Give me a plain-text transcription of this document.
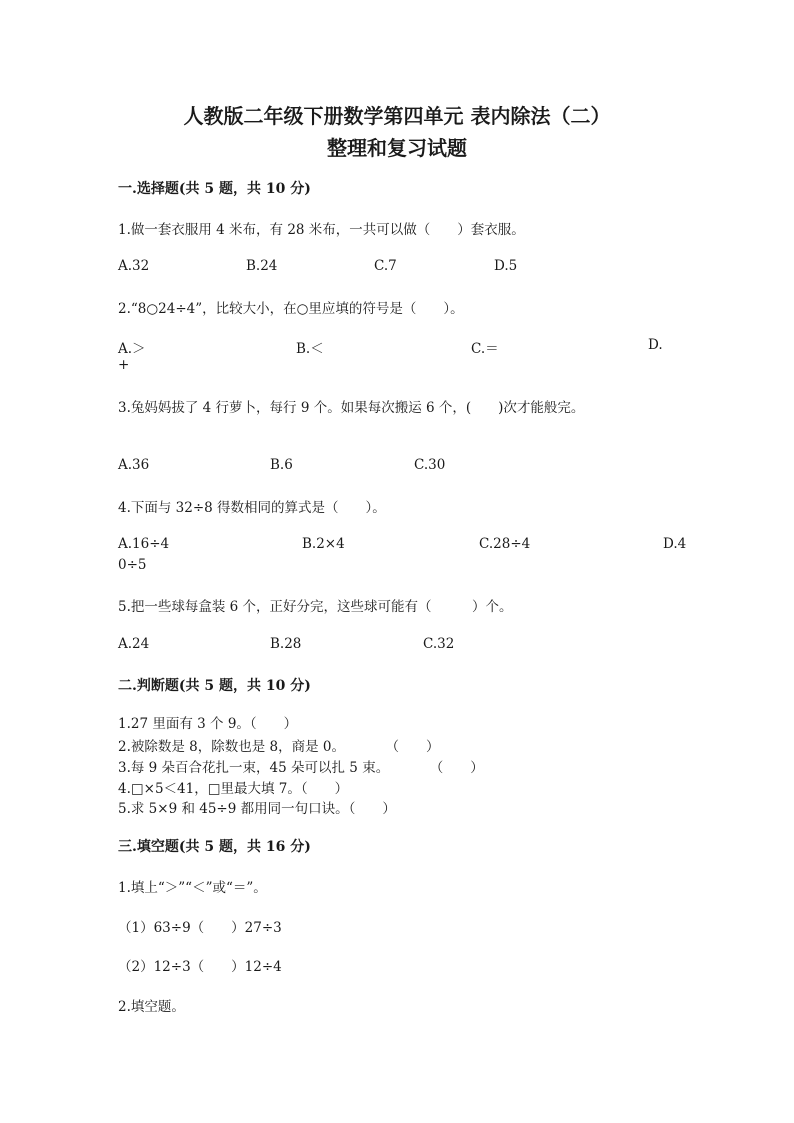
人教版二年级下册数学第四单元 表内除法（二）
整理和复习试题
一.选择题(共 5 题，共 10 分)
1.做一套衣服用 4 米布，有 28 米布，一共可以做（　　）套衣服。
A.32	B.24	C.7	D.5
2.“8○24÷4”，比较大小，在○里应填的符号是（　　）。
A.＞	B.＜	C.＝	D.
+
3.兔妈妈拔了 4 行萝卜，每行 9 个。如果每次搬运 6 个，(　　)次才能般完。
A.36	B.6	C.30
4.下面与 32÷8 得数相同的算式是（　　）。
A.16÷4	B.2×4	C.28÷4	D.4
0÷5
5.把一些球每盒装 6 个，正好分完，这些球可能有（　　　）个。
A.24	B.28	C.32
二.判断题(共 5 题，共 10 分)
1.27 里面有 3 个 9。（　　）
2.被除数是 8，除数也是 8，商是 0。　　　　（　　）
3.每 9 朵百合花扎一束，45 朵可以扎 5 束。　　　　（　　）
4.□×5＜41，□里最大填 7。（　　）
5.求 5×9 和 45÷9 都用同一句口诀。（　　）
三.填空题(共 5 题，共 16 分)
1.填上“＞”“＜”或“＝”。
（1）63÷9（　　）27÷3
（2）12÷3（　　）12÷4
2.填空题。
